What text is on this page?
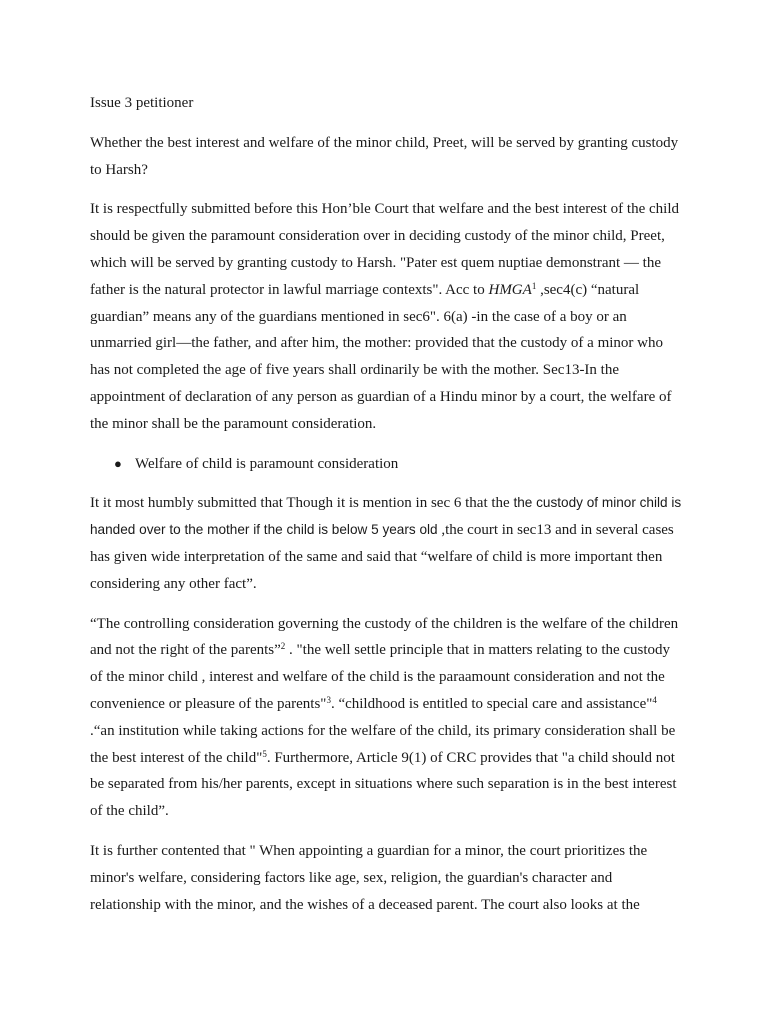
Issue 3 petitioner

Whether the best interest and welfare of the minor child, Preet, will be served by granting custody to Harsh?

It is respectfully submitted before this Hon’ble Court that welfare and the best interest of the child should be given the paramount consideration over in deciding custody of the minor child, Preet, which will be served by granting custody to Harsh. "Pater est quem nuptiae demonstrant — the father is the natural protector in lawful marriage contexts". Acc to HMGA$^1$ ,sec4(c) “natural guardian” means any of the guardians mentioned in sec6". 6(a) -in the case of a boy or an unmarried girl—the father, and after him, the mother: provided that the custody of a minor who has not completed the age of five years shall ordinarily be with the mother. Sec13-In the appointment of declaration of any person as guardian of a Hindu minor by a court, the welfare of the minor shall be the paramount consideration.

● Welfare of child is paramount consideration

It it most humbly submitted that Though it is mention in sec 6 that the the custody of minor child is handed over to the mother if the child is below 5 years old ,the court in sec13 and in several cases has given wide interpretation of the same and said that “welfare of child is more important then considering any other fact”.

“The controlling consideration governing the custody of the children is the welfare of the children and not the right of the parents”$^2$ . "the well settle principle that in matters relating to the custody of the minor child , interest and welfare of the child is the paraamount consideration and not the convenience or pleasure of the parents"$^3$. “childhood is entitled to special care and assistance"$^4$ .“an institution while taking actions for the welfare of the child, its primary consideration shall be the best interest of the child"$^5$. Furthermore, Article 9(1) of CRC provides that "a child should not be separated from his/her parents, except in situations where such separation is in the best interest of the child”.

It is further contented that " When appointing a guardian for a minor, the court prioritizes the minor's welfare, considering factors like age, sex, religion, the guardian's character and relationship with the minor, and the wishes of a deceased parent. The court also looks at the
